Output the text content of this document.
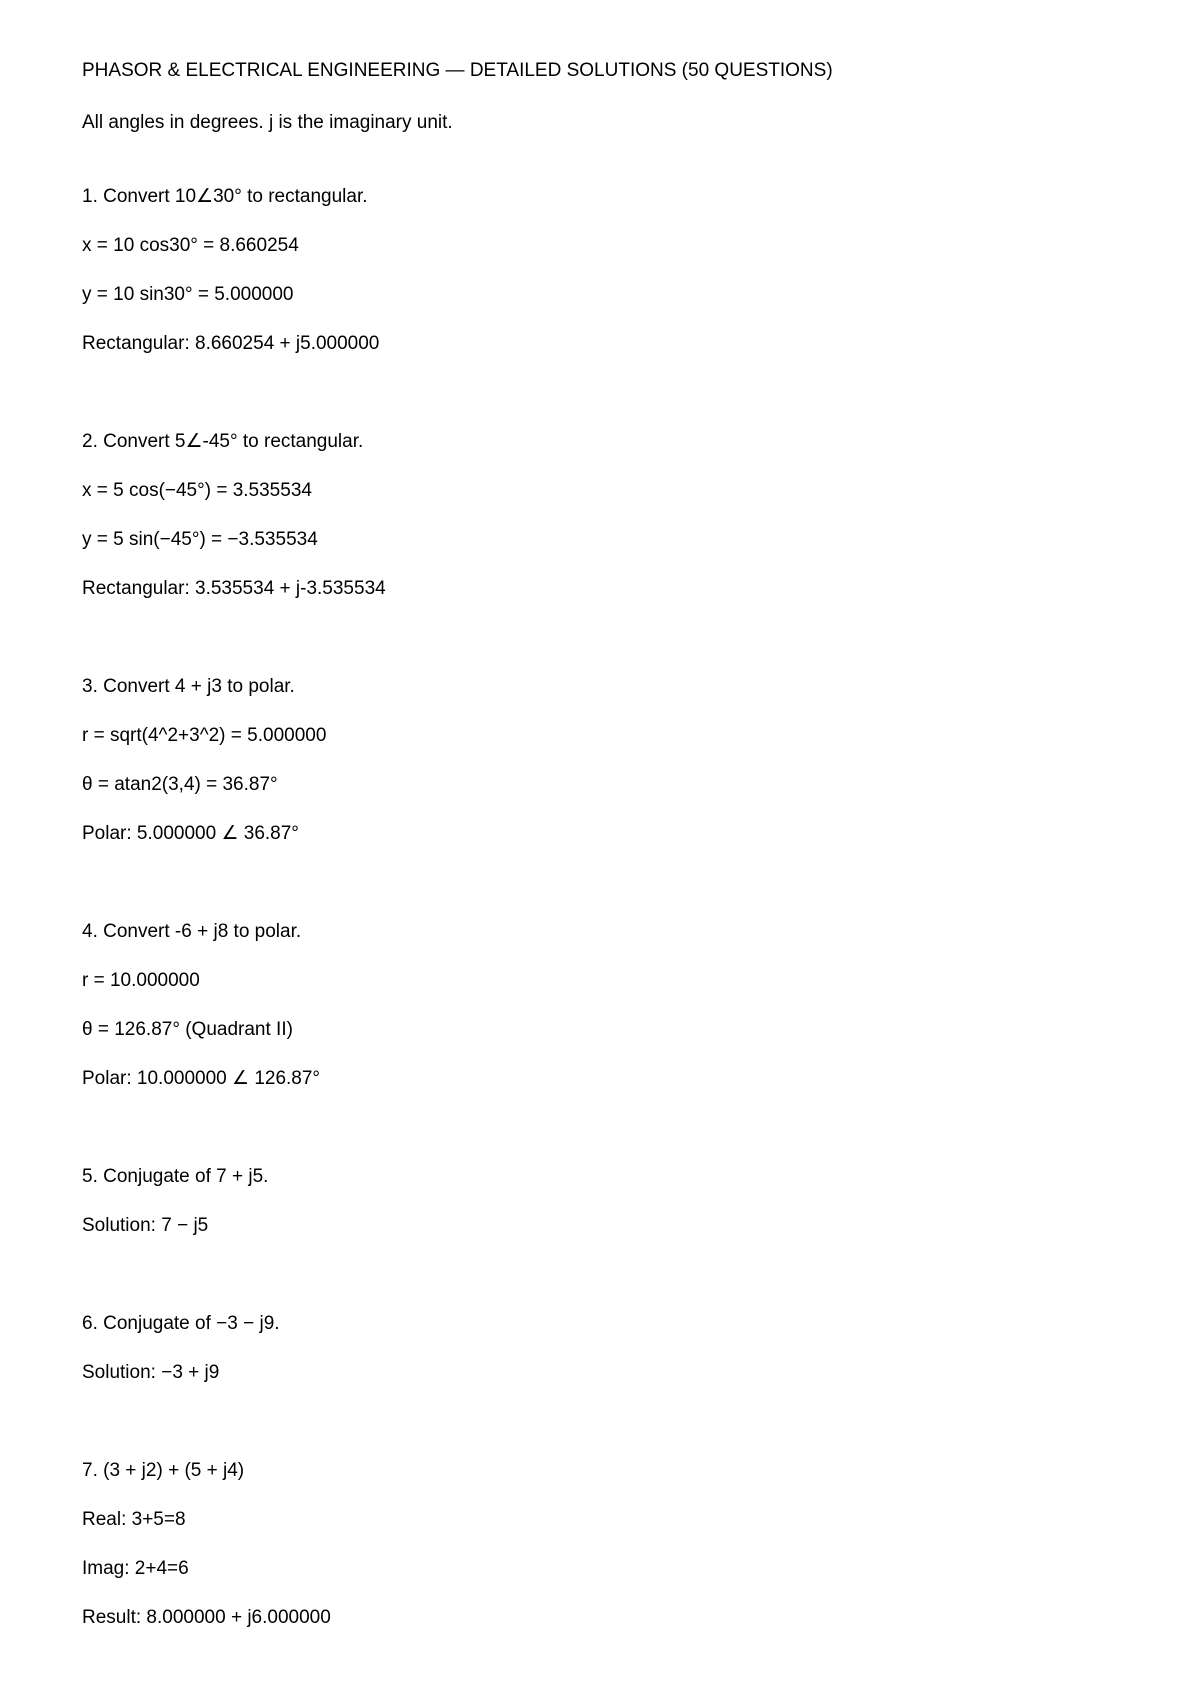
PHASOR & ELECTRICAL ENGINEERING — DETAILED SOLUTIONS (50 QUESTIONS)
All angles in degrees. j is the imaginary unit.
1. Convert 10∠30° to rectangular.
x = 10 cos30° = 8.660254
y = 10 sin30° = 5.000000
Rectangular: 8.660254 + j5.000000
2. Convert 5∠-45° to rectangular.
x = 5 cos(−45°) = 3.535534
y = 5 sin(−45°) = −3.535534
Rectangular: 3.535534 + j-3.535534
3. Convert 4 + j3 to polar.
r = sqrt(4^2+3^2) = 5.000000
θ = atan2(3,4) = 36.87°
Polar: 5.000000 ∠ 36.87°
4. Convert -6 + j8 to polar.
r = 10.000000
θ = 126.87° (Quadrant II)
Polar: 10.000000 ∠ 126.87°
5. Conjugate of 7 + j5.
Solution: 7 − j5
6. Conjugate of −3 − j9.
Solution: −3 + j9
7. (3 + j2) + (5 + j4)
Real: 3+5=8
Imag: 2+4=6
Result: 8.000000 + j6.000000
